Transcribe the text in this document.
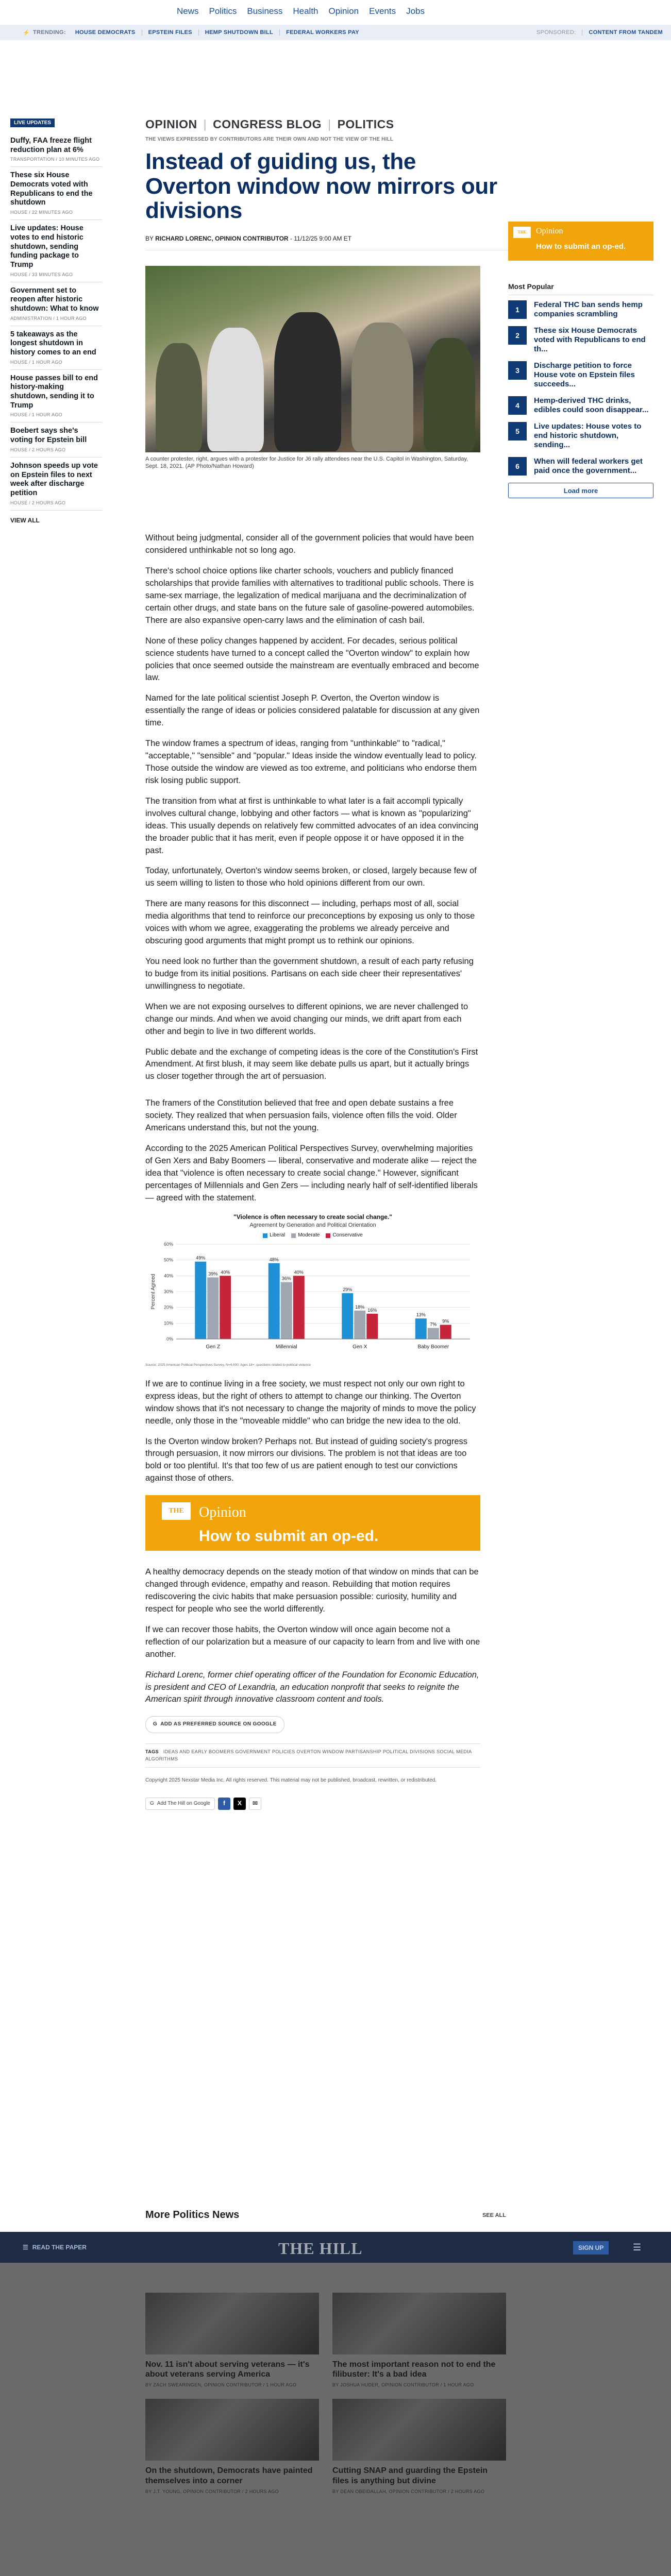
News Politics Business Health Opinion Events Jobs
⚡ TRENDING:	HOUSE DEMOCRATS	EPSTEIN FILES	HEMP SHUTDOWN BILL	FEDERAL WORKERS PAY	SPONSORED:	CONTENT FROM TANDEM
LIVE UPDATES
Duffy, FAA freeze flight reduction plan at 6%
TRANSPORTATION / 10 MINUTES AGO
These six House Democrats voted with Republicans to end the shutdown
HOUSE / 22 MINUTES AGO
Live updates: House votes to end historic shutdown, sending funding package to Trump
HOUSE / 33 MINUTES AGO
Government set to reopen after historic shutdown: What to know
ADMINISTRATION / 1 HOUR AGO
5 takeaways as the longest shutdown in history comes to an end
HOUSE / 1 HOUR AGO
House passes bill to end history-making shutdown, sending it to Trump
HOUSE / 1 HOUR AGO
Boebert says she's voting for Epstein bill
HOUSE / 2 HOURS AGO
Johnson speeds up vote on Epstein files to next week after discharge petition
HOUSE / 2 HOURS AGO
VIEW ALL
OPINION | CONGRESS BLOG | POLITICS
THE VIEWS EXPRESSED BY CONTRIBUTORS ARE THEIR OWN AND NOT THE VIEW OF THE HILL
Instead of guiding us, the Overton window now mirrors our divisions
BY RICHARD LORENC, OPINION CONTRIBUTOR - 11/12/25 9:00 AM ET
A counter protester, right, argues with a protester for Justice for J6 rally attendees near the U.S. Capitol in Washington, Saturday, Sept. 18, 2021. (AP Photo/Nathan Howard)

Without being judgmental, consider all of the government policies that would have been considered unthinkable not so long ago.

There's school choice options like charter schools, vouchers and publicly financed scholarships that provide families with alternatives to traditional public schools. There is same-sex marriage, the legalization of medical marijuana and the decriminalization of certain other drugs, and state bans on the future sale of gasoline-powered automobiles. There are also expansive open-carry laws and the elimination of cash bail.

None of these policy changes happened by accident. For decades, serious political science students have turned to a concept called the "Overton window" to explain how policies that once seemed outside the mainstream are eventually embraced and become law.

Named for the late political scientist Joseph P. Overton, the Overton window is essentially the range of ideas or policies considered palatable for discussion at any given time.

The window frames a spectrum of ideas, ranging from "unthinkable" to "radical," "acceptable," "sensible" and "popular." Ideas inside the window eventually lead to policy. Those outside the window are viewed as too extreme, and politicians who endorse them risk losing public support.

The transition from what at first is unthinkable to what later is a fait accompli typically involves cultural change, lobbying and other factors — what is known as "popularizing" ideas. This usually depends on relatively few committed advocates of an idea convincing the broader public that it has merit, even if people oppose it or have opposed it in the past.

Today, unfortunately, Overton's window seems broken, or closed, largely because few of us seem willing to listen to those who hold opinions different from our own.

There are many reasons for this disconnect — including, perhaps most of all, social media algorithms that tend to reinforce our preconceptions by exposing us only to those voices with whom we agree, exaggerating the problems we already perceive and obscuring good arguments that might prompt us to rethink our opinions.

You need look no further than the government shutdown, a result of each party refusing to budge from its initial positions. Partisans on each side cheer their representatives' unwillingness to negotiate.

When we are not exposing ourselves to different opinions, we are never challenged to change our minds. And when we avoid changing our minds, we drift apart from each other and begin to live in two different worlds.

Public debate and the exchange of competing ideas is the core of the Constitution's First Amendment. At first blush, it may seem like debate pulls us apart, but it actually brings us closer together through the art of persuasion.

The framers of the Constitution believed that free and open debate sustains a free society. They realized that when persuasion fails, violence often fills the void. Older Americans understand this, but not the young.

According to the 2025 American Political Perspectives Survey, overwhelming majorities of Gen Xers and Baby Boomers — liberal, conservative and moderate alike — reject the idea that "violence is often necessary to create social change." However, significant percentages of Millennials and Gen Zers — including nearly half of self-identified liberals — agreed with the statement.

"Violence is often necessary to create social change."
Agreement by Generation and Political Orientation
Liberal	Moderate	Conservative
0%
10%
20%
30%
40%
50%
60%
Percent Agreed
49%
39% 40%
Gen Z
48%
36%
40%
Millennial
29%
18%
16%
Gen X
13%
7%
9%
Baby Boomer
Source: 2025 American Political Perspectives Survey, N=4,000; Ages 18+; questions related to political violence

If we are to continue living in a free society, we must respect not only our own right to express ideas, but the right of others to attempt to change our thinking. The Overton window shows that it's not necessary to change the majority of minds to move the policy needle, only those in the "moveable middle" who can bridge the new idea to the old.

Is the Overton window broken? Perhaps not. But instead of guiding society's progress through persuasion, it now mirrors our divisions. The problem is not that ideas are too bold or too plentiful. It's that too few of us are patient enough to test our convictions against those of others.

THE HILL
Opinion
How to submit an op-ed.

A healthy democracy depends on the steady motion of that window on minds that can be changed through evidence, empathy and reason. Rebuilding that motion requires rediscovering the civic habits that make persuasion possible: curiosity, humility and respect for people who see the world differently.

If we can recover those habits, the Overton window will once again become not a reflection of our polarization but a measure of our capacity to learn from and live with one another.

Richard Lorenc, former chief operating officer of the Foundation for Economic Education, is president and CEO of Lexandria, an education nonprofit that seeks to reignite the American spirit through innovative classroom content and tools.

G ADD AS PREFERRED SOURCE ON GOOGLE
TAGS IDEAS AND EARLY BOOMERS GOVERNMENT POLICIES OVERTON WINDOW PARTISANSHIP POLITICAL DIVISIONS SOCIAL MEDIA ALGORITHMS
Copyright 2025 Nexstar Media Inc. All rights reserved. This material may not be published, broadcast, rewritten, or redistributed.
G Add The Hill on Google	f	X	✉
THE HILL
Opinion
How to submit an op-ed.
Most Popular
1
Federal THC ban sends hemp companies scrambling
2
These six House Democrats voted with Republicans to end th...
3
Discharge petition to force House vote on Epstein files succeeds...
4
Hemp-derived THC drinks, edibles could soon disappear...
5
Live updates: House votes to end historic shutdown, sending...
6
When will federal workers get paid once the government...
Load more
More Politics News	SEE ALL
☰ READ THE PAPER	THE HILL	SIGN UP	☰
Nov. 11 isn't about serving veterans — it's about veterans serving America
BY ZACH SWEARINGEN, OPINION CONTRIBUTOR / 1 HOUR AGO
The most important reason not to end the filibuster: It's a bad idea
BY JOSHUA HUDER, OPINION CONTRIBUTOR / 1 HOUR AGO
On the shutdown, Democrats have painted themselves into a corner
BY J.T. YOUNG, OPINION CONTRIBUTOR / 2 HOURS AGO
Cutting SNAP and guarding the Epstein files is anything but divine
BY DEAN OBEIDALLAH, OPINION CONTRIBUTOR / 2 HOURS AGO
